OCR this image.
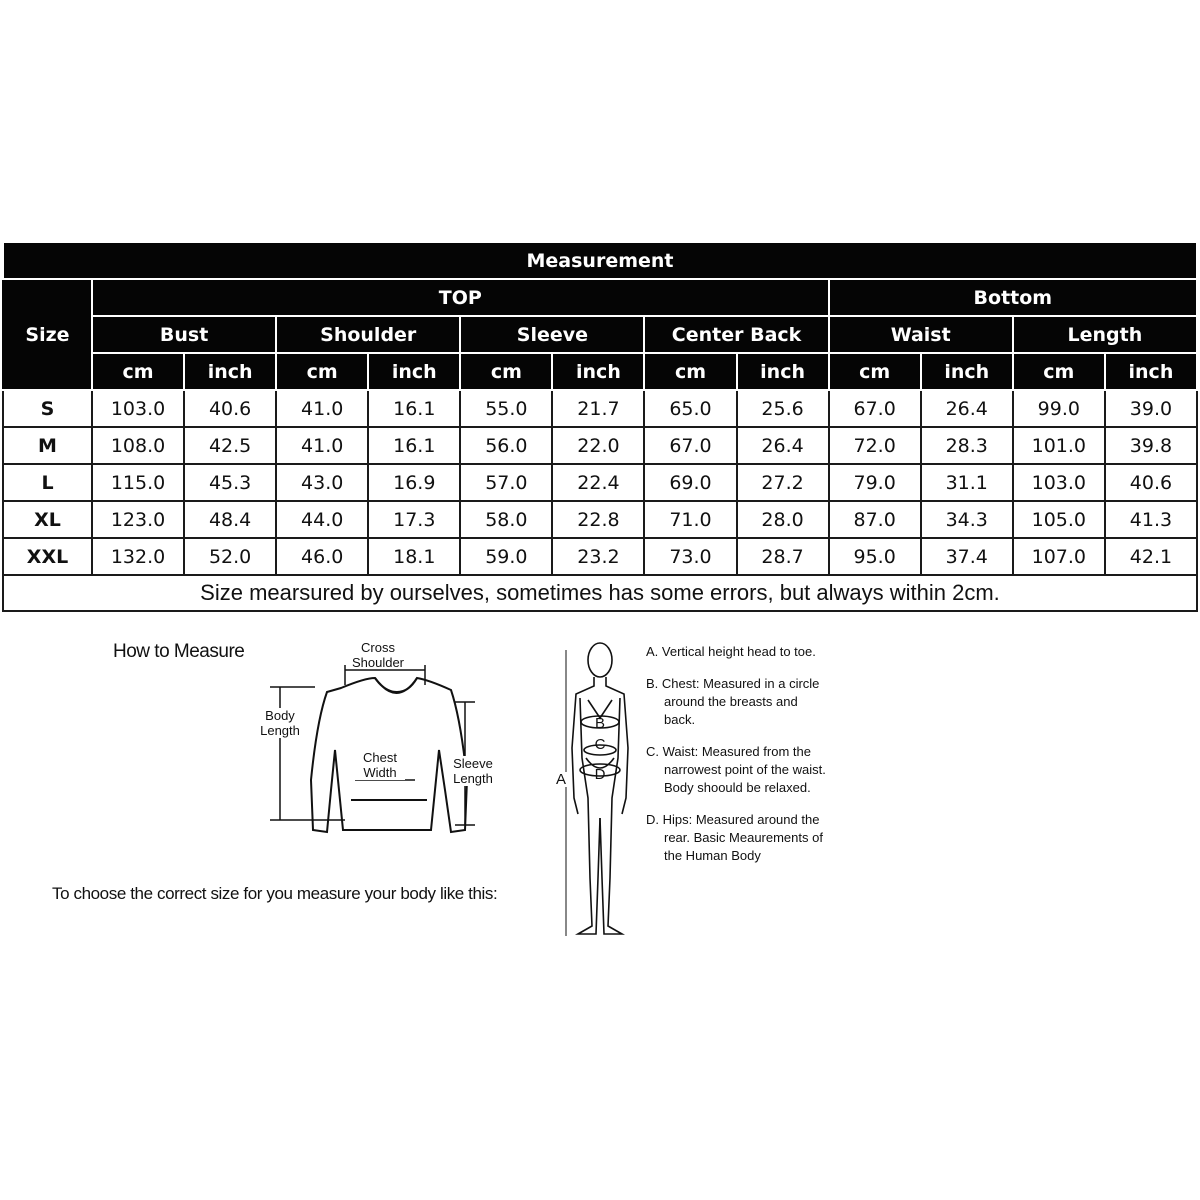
Measurement												
Size	TOP								Bottom			
	Bust		Shoulder		Sleeve		Center Back		Waist		Length	
	cm	inch	cm	inch	cm	inch	cm	inch	cm	inch	cm	inch
S	103.0	40.6	41.0	16.1	55.0	21.7	65.0	25.6	67.0	26.4	99.0	39.0
M	108.0	42.5	41.0	16.1	56.0	22.0	67.0	26.4	72.0	28.3	101.0	39.8
L	115.0	45.3	43.0	16.9	57.0	22.4	69.0	27.2	79.0	31.1	103.0	40.6
XL	123.0	48.4	44.0	17.3	58.0	22.8	71.0	28.0	87.0	34.3	105.0	41.3
XXL	132.0	52.0	46.0	18.1	59.0	23.2	73.0	28.7	95.0	37.4	107.0	42.1
Size mearsured by ourselves, sometimes has some errors, but always within 2cm.												
How to Measure	Cross Shoulder
Body Length
Chest Width
Sleeve Length
To choose the correct size for you measure your body like this:
A
B
C
D
A. Vertical height head to toe.
B. Chest: Measured in a circle around the breasts and back.
C. Waist: Measured from the narrowest point of the waist. Body shoould be relaxed.
D. Hips: Measured around the rear. Basic Meaurements of the Human Body
